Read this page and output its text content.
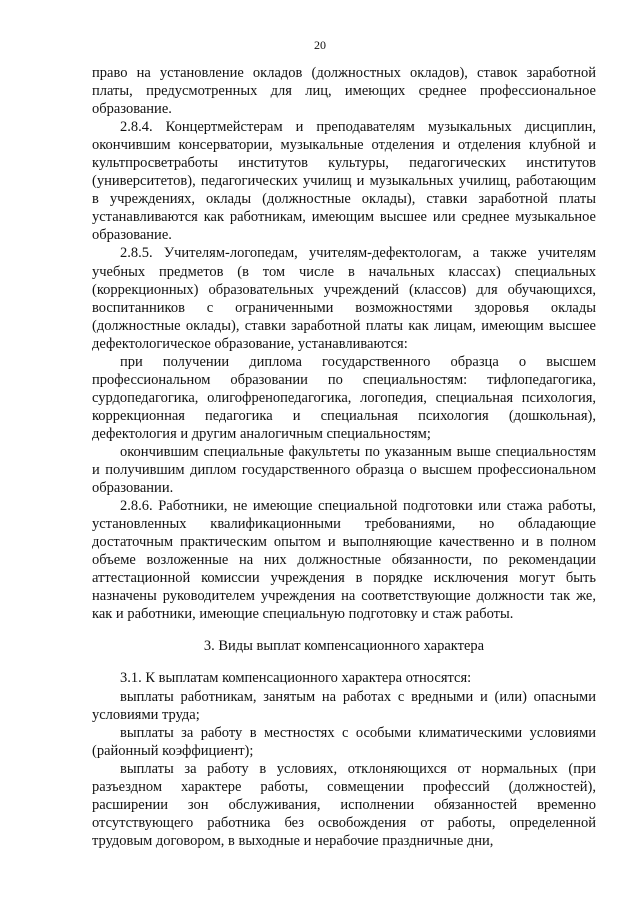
20

право на установление окладов (должностных окладов), ставок заработной платы, предусмотренных для лиц, имеющих среднее профессиональное образование.

2.8.4. Концертмейстерам и преподавателям музыкальных дисциплин, окончившим консерватории, музыкальные отделения и отделения клубной и культпросветработы институтов культуры, педагогических институтов (университетов), педагогических училищ и музыкальных училищ, работающим в учреждениях, оклады (должностные оклады), ставки заработной платы устанавливаются как работникам, имеющим высшее или среднее музыкальное образование.

2.8.5. Учителям-логопедам, учителям-дефектологам, а также учителям учебных предметов (в том числе в начальных классах) специальных (коррекционных) образовательных учреждений (классов) для обучающихся, воспитанников с ограниченными возможностями здоровья оклады (должностные оклады), ставки заработной платы как лицам, имеющим высшее дефектологическое образование, устанавливаются:

при получении диплома государственного образца о высшем профессиональном образовании по специальностям: тифлопедагогика, сурдопедагогика, олигофренопедагогика, логопедия, специальная психология, коррекционная педагогика и специальная психология (дошкольная), дефектология и другим аналогичным специальностям;

окончившим специальные факультеты по указанным выше специальностям и получившим диплом государственного образца о высшем профессиональном образовании.

2.8.6. Работники, не имеющие специальной подготовки или стажа работы, установленных квалификационными требованиями, но обладающие достаточным практическим опытом и выполняющие качественно и в полном объеме возложенные на них должностные обязанности, по рекомендации аттестационной комиссии учреждения в порядке исключения могут быть назначены руководителем учреждения на соответствующие должности так же, как и работники, имеющие специальную подготовку и стаж работы.

3. Виды выплат компенсационного характера

3.1. К выплатам компенсационного характера относятся:

выплаты работникам, занятым на работах с вредными и (или) опасными условиями труда;

выплаты за работу в местностях с особыми климатическими условиями (районный коэффициент);

выплаты за работу в условиях, отклоняющихся от нормальных (при разъездном характере работы, совмещении профессий (должностей), расширении зон обслуживания, исполнении обязанностей временно отсутствующего работника без освобождения от работы, определенной трудовым договором, в выходные и нерабочие праздничные дни,
